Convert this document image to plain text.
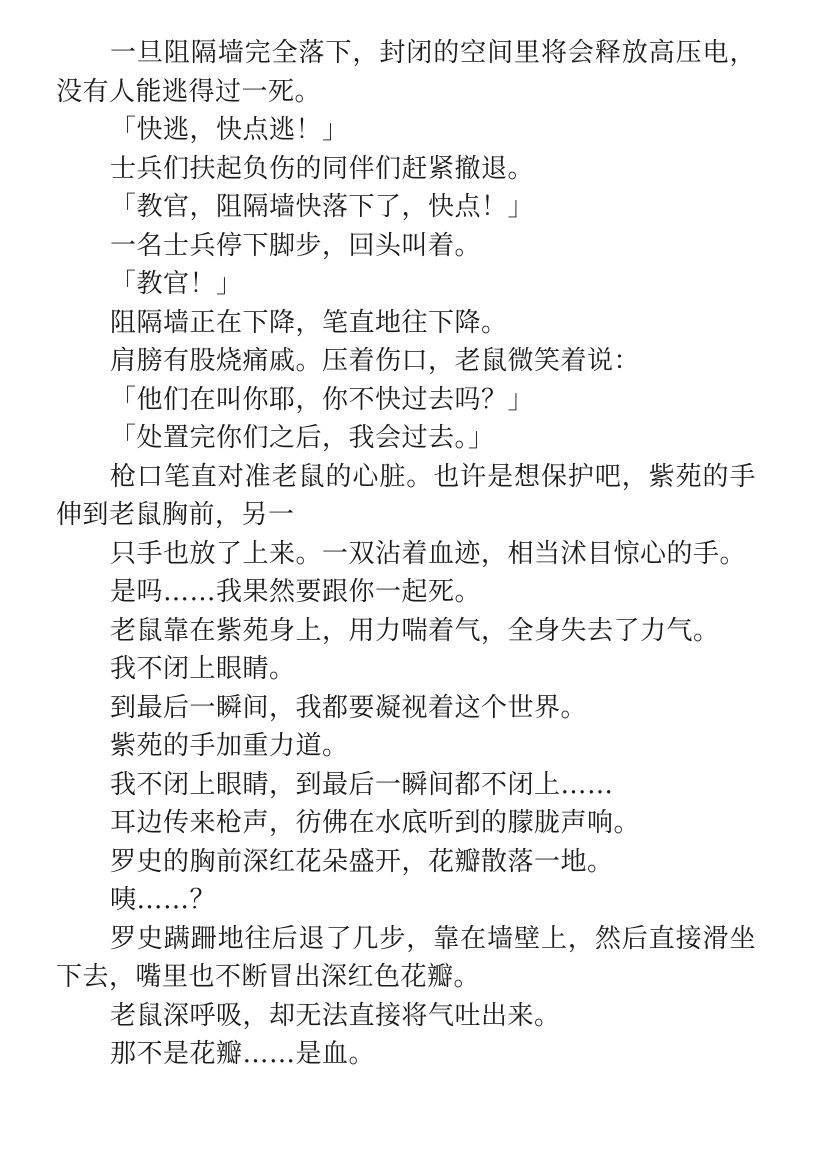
一旦阻隔墙完全落下，封闭的空间里将会释放高压电，没有人能逃得过一死。

「快逃，快点逃！」

士兵们扶起负伤的同伴们赶紧撤退。

「教官，阻隔墙快落下了，快点！」

一名士兵停下脚步，回头叫着。

「教官！」

阻隔墙正在下降，笔直地往下降。

肩膀有股烧痛戚。压着伤口，老鼠微笑着说：

「他们在叫你耶，你不快过去吗？」

「处置完你们之后，我会过去。」

枪口笔直对准老鼠的心脏。也许是想保护吧，紫苑的手伸到老鼠胸前，另一

只手也放了上来。一双沾着血迹，相当沭目惊心的手。

是吗……我果然要跟你一起死。

老鼠靠在紫苑身上，用力喘着气，全身失去了力气。

我不闭上眼睛。

到最后一瞬间，我都要凝视着这个世界。

紫苑的手加重力道。

我不闭上眼睛，到最后一瞬间都不闭上……

耳边传来枪声，彷佛在水底听到的朦胧声响。

罗史的胸前深红花朵盛开，花瓣散落一地。

咦……？

罗史蹒跚地往后退了几步，靠在墙壁上，然后直接滑坐下去，嘴里也不断冒出深红色花瓣。

老鼠深呼吸，却无法直接将气吐出来。

那不是花瓣……是血。
